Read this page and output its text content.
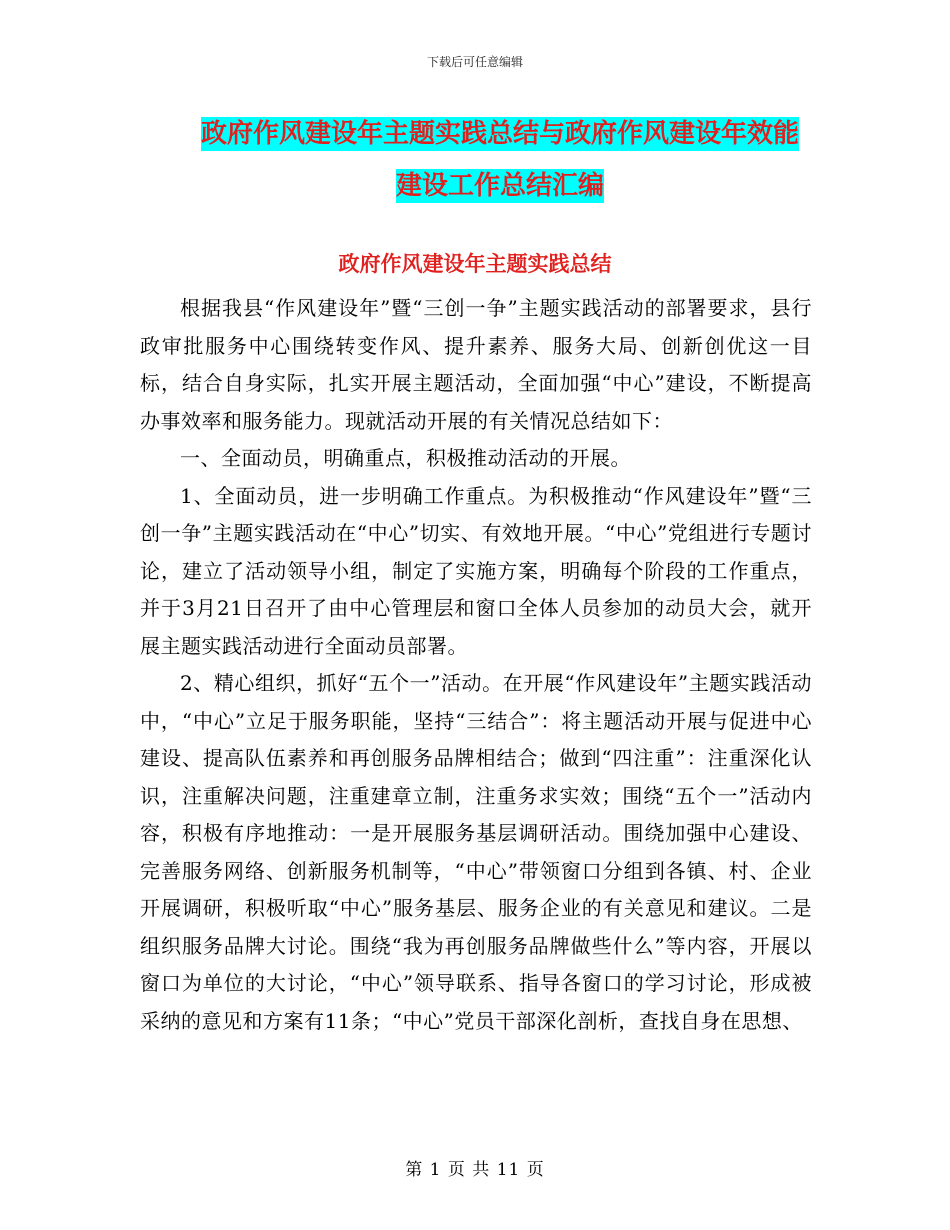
下载后可任意编辑
政府作风建设年主题实践总结与政府作风建设年效能
建设工作总结汇编
政府作风建设年主题实践总结

根据我县“作风建设年”暨“三创一争”主题实践活动的部署要求，县行政审批服务中心围绕转变作风、提升素养、服务大局、创新创优这一目标，结合自身实际，扎实开展主题活动，全面加强“中心”建设，不断提高办事效率和服务能力。现就活动开展的有关情况总结如下：

一、全面动员，明确重点，积极推动活动的开展。

1、全面动员，进一步明确工作重点。为积极推动“作风建设年”暨“三创一争”主题实践活动在“中心”切实、有效地开展。“中心”党组进行专题讨论，建立了活动领导小组，制定了实施方案，明确每个阶段的工作重点，并于3月21日召开了由中心管理层和窗口全体人员参加的动员大会，就开展主题实践活动进行全面动员部署。

2、精心组织，抓好“五个一”活动。在开展“作风建设年”主题实践活动中，“中心”立足于服务职能，坚持“三结合”：将主题活动开展与促进中心建设、提高队伍素养和再创服务品牌相结合；做到“四注重”：注重深化认识，注重解决问题，注重建章立制，注重务求实效；围绕“五个一”活动内容，积极有序地推动：一是开展服务基层调研活动。围绕加强中心建设、完善服务网络、创新服务机制等，“中心”带领窗口分组到各镇、村、企业开展调研，积极听取“中心”服务基层、服务企业的有关意见和建议。二是组织服务品牌大讨论。围绕“我为再创服务品牌做些什么”等内容，开展以窗口为单位的大讨论，“中心”领导联系、指导各窗口的学习讨论，形成被采纳的意见和方案有11条；“中心”党员干部深化剖析，查找自身在思想、

第 1 页 共 11 页
